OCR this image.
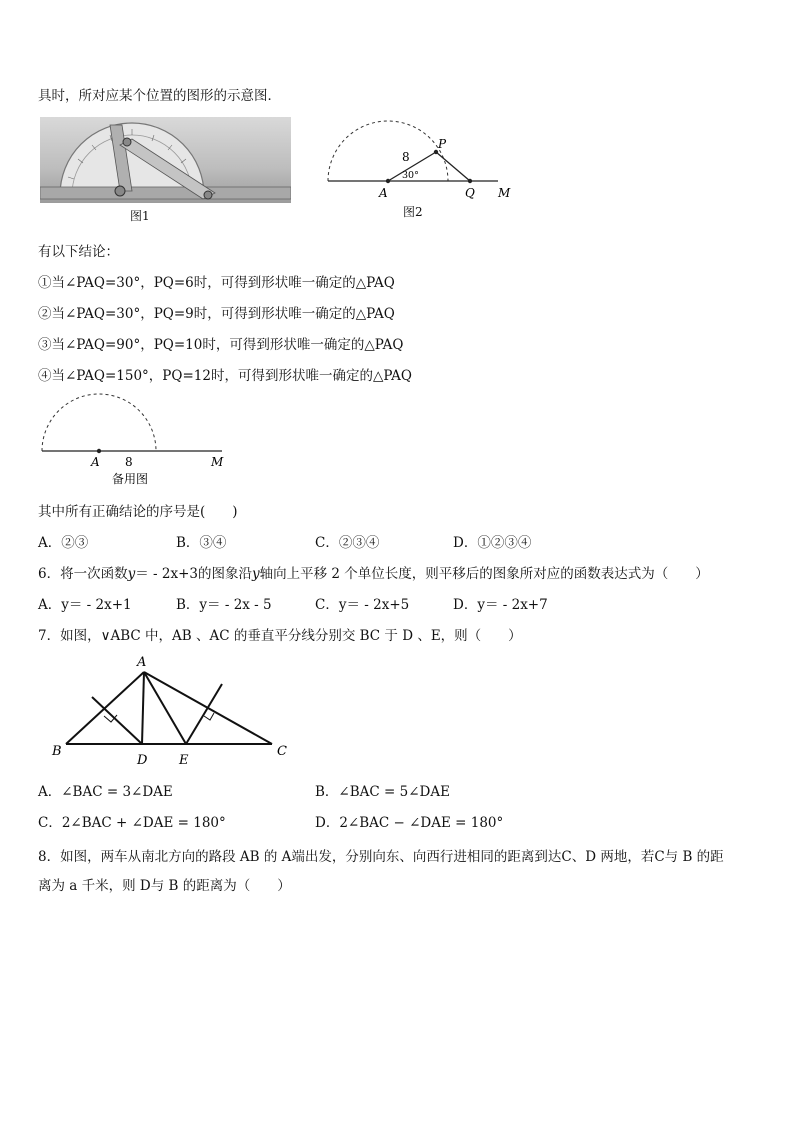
具时，所对应某个位置的图形的示意图．
图1
P
A	Q M
8
30°
图2
有以下结论：
①当∠PAQ=30°，PQ=6时，可得到形状唯一确定的△PAQ
②当∠PAQ=30°，PQ=9时，可得到形状唯一确定的△PAQ
③当∠PAQ=90°，PQ=10时，可得到形状唯一确定的△PAQ
④当∠PAQ=150°，PQ=12时，可得到形状唯一确定的△PAQ
A 8	M
备用图
其中所有正确结论的序号是(　　)
A．②③	B．③④	C．②③④	D．①②③④
6．将一次函数y＝ - 2x+3的图象沿y轴向上平移 2 个单位长度，则平移后的图象所对应的函数表达式为（　　）
A．y＝ - 2x+1	B．y＝ - 2x - 5	C．y＝ - 2x+5	D．y＝ - 2x+7
7．如图，∨ABC 中，AB 、AC 的垂直平分线分别交 BC 于 D 、E，则（　　）
A
B	C
D E
A．∠BAC = 3∠DAE	B．∠BAC = 5∠DAE
C．2∠BAC + ∠DAE = 180°	D．2∠BAC − ∠DAE = 180°
8．如图，两车从南北方向的路段 AB 的 A端出发，分别向东、向西行进相同的距离到达C、D 两地，若C与 B 的距
离为 a 千米，则 D与 B 的距离为（　　）
